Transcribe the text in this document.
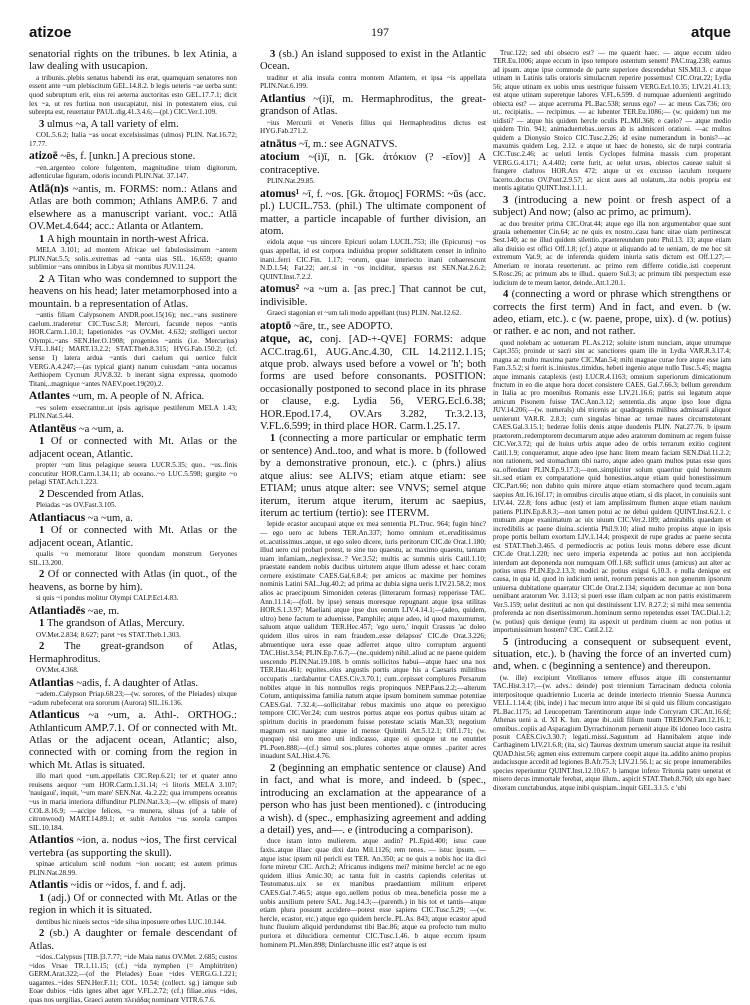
atizoe	197	atque

senatorial rights on the tribunes. b lex Atinia, a law dealing with usucapion.

a tribunis..plebis senatus habendi ius erat, quamquam senatores non essent ante ~um plebiscitum GEL.14.8.2. b legis ueteris ~ae uerba sunt: quod subruptum erit, eius rei aeterna auctoritas esto GEL.17.7.1; dicit lex ~a, ut res furtiua non usucapiatur, nisi in potestatem eius, cui subrepta est, reuertatur PAUL.dig.41.3.4.6;—(pl.) CIC.Ver.1.109.

3 ulmus ~a, A tall variety of elm.

COL.5.6.2; Italia ~as uocat excelsissimas (ulmos) PLIN. Nat.16.72; 17.77.

atizoē ~ēs, f. [unkn.] A precious stone.

~en..argenteo colore fulgentem, magnitudine trium digitorum, adlenticulae figuram, odoris iocundi PLIN.Nat. 37.147.

Atlā(n)s ~antis, m. FORMS: nom.: Atlans and Atlas are both common; Athlans AMP.6. 7 and elsewhere as a manuscript variant. voc.: Atlā OV.Met.4.644; acc.: Atlanta or Atlantem.

1 A high mountain in north-west Africa.

MELA 3.101; ad montem Africae uel fabulosissimum ~antem PLIN.Nat.5.5; solis..extremas ad ~anta uias SIL. 16.659; quanto sublimior ~ans omnibus in Libya sit montibus JUV.11.24.

2 A Titan who was condemned to support the heavens on his head; later metamorphosed into a mountain. b a representation of Atlas.

~antis filiam Calypsonem ANDR.poet.15(16); nec..~ans sustinere caelum..traderetur CIC.Tusc.5.8; Mercuri, facunde nepos ~antis HOR.Carm.1.10.1; Iapetionides ~as OV.Met. 4.632; stelligeri uector Olympi..~ans SEN.Her.O.1908; progenies ~antis (i.e. Mercurius) V.FL.1.841; MART.13.2.2; STAT.Theb.8.315; HYG.Fab.150.2; (cf. sense 1) latera ardua ~antis duri caelum qui uertice fulcit VERG.A.4.247;—(as typical giant) nanum cuiusdam ~anta uocamus Aethiopem Cycnum JUV.8.32. b inerant signa expressa, quomodo Titani,..magnique ~antes NAEV.poet.19(20).2.

Atlantes ~um, m. A people of N. Africa.

~es solem exsecrantur..ut ipsis agrisque pestiferum MELA 1.43; PLIN.Nat.5.44.

Atlantēus ~a ~um, a.

1 Of or connected with Mt. Atlas or the adjacent ocean, Atlantic.

propter ~um litus pelagique seuera LUCR.5.35; quo.. ~us..finis concutitur HOR.Carm.1.34.11; ab oceano..~o LUC.5.598; gurgite ~o pelagi STAT.Ach.1.223.

2 Descended from Atlas.

Pleiadas ~as OV.Fast.3.105.

Atlantiacus ~a ~um, a.

1 Of or connected with Mt. Atlas or the adjacent ocean, Atlantic.

qualis ~o memoratur litore quondam monstrum Geryones SIL.13.200.

2 Of or connected with Atlas (in quot., of the heavens, as borne by him).

si quis ~i pondus molitur Olympi CALP.Ecl.4.83.

Atlantiadēs ~ae, m.

1 The grandson of Atlas, Mercury.

OV.Met.2.834; 8.627; paret ~es STAT.Theb.1.303.

2 The great-grandson of Atlas, Hermaphroditus.

OV.Met.4.368.

Atlantias ~adis, f. A daughter of Atlas.

~adem..Calypson Priap.68.23;—(w. sorores, of the Pleiades) uixque ~adum rubefecerat ora sororum (Aurora) SIL.16.136.

Atlanticus ~a ~um, a. Athl-. ORTHOG.: Athlanticum AMP.7.1. Of or connected with Mt. Atlas or the adjacent ocean, Atlantic; also, connected with or coming from the region in which Mt. Atlas is situated.

illo mari quod ~um..appellatis CIC.Rep.6.21; ter et quater anno reuisens aequor ~um HOR.Carm.1.31.14; ~i litoris MELA 3.107; 'nauigaui', inquit, '~um mare' SEN.Nat. 4a.2.22; qua irrumpens oceanus ~us in maria interiora diffunditur PLIN.Nat.3.3;—(w. ellipsis of mare) COL.8.16.9; —accipe felices, ~a munera, siluas (of a table of citronwood) MART.14.89.1; et subit Aetolos ~us sorola campos SIL.10.184.

Atlantios ~ion, a. nodus ~ios, The first cervical vertebra (as supporting the skull).

spinae articulum scitē nodum ~ion uocant; est autem primus PLIN.Nat.28.99.

Atlantis ~idis or ~idos, f. and f. adj.

1 (adj.) Of or connected with Mt. Atlas or the region in which it is situated.

dentibus hic niueis sectos ~ide silua inposuere orbes LUC.10.144.

2 (sb.) A daughter or female descendant of Atlas.

~idos..Calypsus [TIB.]3.7.77; ~ide Maia natus OV.Met. 2.685; custos ~idos Vrsae TR.1.11.15; (cf.) ~ida nymphen (= Amphitriten) GERM.Arat.322;—(of the Pleiades) Eoae ~ides VERG.G.1.221; uagantes..~ides SEN.Her.F.11; COL. 10.54; (collect. sg.) iamque sub Eoae dubios ~idis ignes albet ager V.FL.2.72; (cf.) filiae..eius ~ides, quas nos uergilias, Graeci autem πλειάδας nominant VITR.6.7.6.

3 (sb.) An island supposed to exist in the Atlantic Ocean.

traditur et alia insula contra montem Atlantem, et ipsa ~is appellata PLIN.Nat.6.199.

Atlantius ~(i)ī, m. Hermaphroditus, the great-grandson of Atlas.

~ius Mercurii et Veneris filius qui Hermaphroditus dictus est HYG.Fab.271.2.

atnātus ~ī, m.: see AGNATVS.

atocium ~(i)ī, n. [Gk. ἀτόκιον (? -εῖον)] A contraceptive.

PLIN.Nat.29.85.

atomus¹ ~ī, f. ~os. [Gk. ἄτομος] FORMS: ~ūs (acc. pl.) LUCIL.753. (phil.) The ultimate component of matter, a particle incapable of further division, an atom.

eidola atque ~us uincere Epicuri uolam LUCIL.753; ille (Epicurus) ~os quas appellat, id est corpora indiuidua propter soliditatem censet in infinito inani..ferri CIC.Fin. 1.17; ~orum, quae interiecto inani cohaerescunt N.D.1.54; Fat.22; aer..si in ~os inciditur, sparsus est SEN.Nat.2.6.2; QUINT.Inst.7.2.2.

atomus² ~a ~um a. [as prec.] That cannot be cut, indivisible.

Graeci stagonian et ~um tali modo appellant (tus) PLIN. Nat.12.62.

atoptō ~āre, tr., see ADOPTO.

atque, ac, conj. [AD-+-QVE] FORMS: adque ACC.trag.61, AUG.Anc.4.30, CIL 14.2112.1.15; atque prob. always used before a vowel or 'h'; both forms are used before consonants. POSITION: occasionally postponed to second place in its phrase or clause, e.g. Lydia 56, VERG.Ecl.6.38; HOR.Epod.17.4, OV.Ars 3.282, Tr.3.2.13, V.FL.6.599; in third place HOR. Carm.1.25.17.

1 (connecting a more particular or emphatic term or sentence) And..too, and what is more. b (followed by a demonstrative pronoun, etc.). c (phrs.) alius atque alius: see ALIVS; etiam atque etiam: see ETIAM; unus atque alter: see VNVS; semel atque iterum, iterum atque iterum, iterum ac saepius, iterum ac tertium (tertio): see ITERVM.

lepide ecastor aucupaui atque ex mea sententia PL.Truc. 964; fugin hinc? — ego uero ac lubens TER.An.337; homo omnium et..eruditissimus et..acutissimus..atque, ut ego soleo dicere, iuris peritorum CIC.de Orat.1.180; illud uero cui probari potest, te sine tuo quaestu, ac maximo quaestu, tantam tuam infamiam,..neglexisse..? Ver.3.52; multis ac summis uiris Catil.1.10; praestate eandem nobis ducibus uirtutem atque illum adesse et haec coram cernere existimate CAES.Gal.6.8.4; per amicos ac maxime per homines nominis Latini SAL.Jug.40.2; ad prima ac dubia signa ueris LIV.21.58.2; mox alios ac praecipuum Simoniden ceteras (litterarum formas) repperisse TAC. Ann.11.14;—(foll. by ipse) sensus moresque repugnant atque ipsa utilitas HOR.S.1.3.97; Maeliani atque ipse dux eorum LIV.4.14.1;—(adeo, quidem, ultro) bene factum te aduenisse, Pamphile; atque adeo, id quod maxumumst, saluom atque ualidum TER.Hec.457; 'ego uero,' inquit Crassus 'ac doleo quidem illos uiros in eam fraudem..esse delapsos' CIC.de Orat.3.226; abnuentique uera esse quae adferret atque ultro corruptum arguenti TAC.Hist.3.54; PLIN.Ep.7.6.7;—(ne..quidem) nihil..aliud ac ne paene quidem uescendo PLIN.Nat.19.108. b omnis sollicitos habui—atque haec una nox TER.Hau.461; equites..eius angustis portis atque his a Caesaris militibus occupatis ..tardabantur CAES.Civ.3.70.1; cum..cepisset complures Persarum nobiles atque in his nonnullos regis propinquos NEP.Paus.2.2;—alterum Cotum, antiquissima familia natum atque ipsum hominem summae potentiae CAES.Gal. 7.32.4;—sollicitabar rebus maximis uno atque eo perexiguo tempore CIC.Ver.24; cum uestros portus atque eos portus quibus uitam ac spiritum ducitis in praedonum fuisse potestate sciatis Man.33; negotium magnum est nauigare atque id mense Quintili Att.5.12.1; Off.1.71; (w. quoque) nisi ero meo uni indicasso, atque ei quoque ut ne enuntiet PL.Poen.888;—(cf.) simul sos..plures cohortes atque omnes ..pariter acres inuadunt SAL.Hist.4.76.

2 (beginning an emphatic sentence or clause) And in fact, and what is more, and indeed. b (spec., introducing an exclamation at the appearance of a person who has just been mentioned). c (introducing a wish). d (spec., emphasizing agreement and adding a detail) yes, and—. e (introducing a comparison).

duce istam intro mulierem. atque audin? PL.Epid.400; istuc caue faxis..atque illaec quae dixi dato Mil.1126; rem tenes. — istuc ipsum. — atque istuc ipsum nil pericli est TER. An.350; ac ne quis a nobis hoc ita dici forte miretur CIC. Arch.2; Africanus indigens mei? minime hercle! ac ne ego quidem illius Amic.30; ac tanta fuit in castris capiendis celeritas ut Teutomatus..uix se ex manibus praedantium militum eriperet CAES.Gal.7.46.5; atque ego..uellem potius ob mea..beneficia posse me a uobis auxilium petere SAL. Jug.14.3;—(parenth.) in his tot et tantis—atque etiam plura possunt accidere—potest esse sapiens CIC.Tusc.5.29; —(w. hercle, ecastor, etc.) atque ego quidem hercle..PL.As. 843; atque ecastor apud hunc fluuium aliquid perdundumst tibi Bac.86; atque ea profecto tum multo puriora et dilucidiora cernentur CIC.Tusc.1.46. b atque eccum ipsum hominem PL.Men.898; Dinlarchusne illic est? atque is est

Truc.122; sed ubi obsecro est? — me quaerit haec. — atque eccum uideo TER.Eu.1006; atque eccum in ipso tempore ostentum senem! PAC.trag.238; eamus ad ipsum. atque ipse commode de parte superiore descendebat SIS.Mil.3. c atque utinam in Latinis talis oratoris simulacrum reperire possemus! CIC.Orat.22; Lydia 56; atque utinam ex uobis unus uestrique fuissem VERG.Ecl.10.35; LIV.21.41.13; est atque utinam superetque labores V.FL.6.599. d numquae aduenienti aegritudo obiecta est? — atque acerruma PL.Bac.538; seruus ego? — ac meus Cas.736; oro ut.. recipiatis.. — recipimus. — ac lubenter TER.Eu.1086;— (w. quidem) tun me uidisti? — atque his quidem hercle oculis PL.Mil.368; e caelo? — atque medio quidem Trin. 941; animaduertebas..uersus ab is admisceri orationi. —ac multos quidem a Dionysio Stoico CIC.Tusc.2.26; id esine numerandum in bonis?—ac maxumis quidem Leg. 2.12. e atque ut haec de honesto, sic de turpi contraria CIC.Tusc.2.46; ac ueluti lentis Cyclopes fulmina massis cum properant VERG.G.4.171; A.4.402; certe furit, ac uelut ursus, obiectos caueae ualuit si frangere clathros HOR.Ars 472; atque ut ex excusso iaculum torquere lacerto..doctus OV.Pont.2.9.57; ac sicut aues ad uolatum,..ita nobis propria est mentis agitatio QUINT.Inst.1.1.1.

3 (introducing a new point or fresh aspect of a subject) And now; (also ac primo, ac primum).

ac duo breuiter prima CIC.Orat.44; atque ego illa non argumentabor quae sunt grauia uehementer Cin.64; ac ne quis ex nostro..casu hanc uitae uiam pertinescat Sest.140; ac ne illud quidem silentio..praetereundum puto Phil.13. 13; atque etiam alia diuisio est offici Off.1.8; (cf.) atque ut aliquando ad te ueniam, de me hoc sit extremum Vat.9; ac de inferenda quidem iniuria satis dictum est Off.1.27;— Ameriam re inorata reuerterunt. ac primo rem differre cotidie..isti coeperunt S.Rosc.26; ac primum abs te illud.. quaero Sul.3; ac primum tibi perspectum esse iudicium de te meum laetor, deinde..Att.1.20.1.

4 (connecting a word or phrase which strengthens or corrects the first term) And in fact, and even. b (w. adeo, etiam, etc.). c (w. paene, prope, uix). d (w. potius) or rather. e ac non, and not rather.

quod nolebam ac uotueram PL.As.212; soluite istum nunciam, atque utrumque Capt.355; proinde ut sacri sint ac sanctiores quam ille in Lydia VAR.R.3.17.4; magna ac multo maxima parte CIC.Man.54; mihi magnae curae fore atque esse iam Fam.3.5.2; si fuerit is..iniustus..timidus, hebeti ingenio atque nullo Tusc.5.45; magna atque immanis cataplexis (est) LUCR.4.1163; omnium superiorum dimicationum fructum in eo die atque hora docet consistere CAES. Gal.7.66.3; bellum gerendum in Italia ac pro moenibus Romanis esse LIV.21.16.6; patris sui legatum atque amicum Pisonem fuisse TAC.Ann.3.12; sententia..dis atque ipso Ioue digna JUV.14.206;—(w. numerals) ubi tricenis ac quadragenis milibus admissarii aliquot uenierunt VAR.R. 2.8.3; cum singulas binae ac ternae naues circumsteterant CAES.Gal.3.15.1; hederae foliis denis atque duodenis PLIN. Nat.27.76. b ipsum praetorem..redemptorem decumarum atque adeo aratorum dominum ac regem fuisse CIC.Ver.3.72; qui de huius urbis atque adeo de orbis terrarum exitio cogitent Catil.1.9; conqueramur, atque adeo ipse hanc litem meam faciam SEN.Dial.11.2.2; non rationem, sed stomachum tibi narro, atque adeo quam multos putas esse quos ea..offendant PLIN.Ep.9.17.3;—non..simpliciter solum quaeritur quid honestum sit..sed etiam ex comparatione quid honestius..atque etiam quid honestissimum CIC.Part.66; non dubito quin mirere atque etiam stomachere quod tecum..agam saepius Att.16.16f.17; in omnibus circulis atque etiam, si dis placet, in conuiuiis sunt LIV.44. 22.8; fons adhuc (est) et iam amplissimum flumen atque etiam nauium patiens PLIN.Ep.8.8.3;—non tamen potui ac ne debui quidem QUINT.Inst.6.2.1. c mutuam atque exanimatum ac uix uiuum CIC.Ver.2.189; admirabilis quaedam et incredibilis ac paene diuina..scientia Phil.9.10; aliud multo propius atque in ipsis prope portis bellum exortum LIV.1.14.4; prospexit de rupe gradus ac paene secuta est STAT.Theb.3.465. d permediocris ac potius leuis motus debere esse dicunt CIC.de Orat.1.220; nec uero imperia expetenda ac potius aut non accipienda interdum aut deponenda non numquam Off.1.68; sufficit unus (amicus) aut alter ac potius unus PLIN.Ep.2.13.3; modici ac potius exigui 6,10.3. e nulla denique est causa, in qua id, quod in iudicium uenit, reorum personis ac non generum ipsorum uniuersa dubitatione quaeratur CIC.de Orat.2.134; siquidem decumae ac non bona ueniibant aratorum Ver. 3.113; si pueri esse illam culpam ac non patris existimarem Ver.5.159; uelut destituti ac non qui destituissent LIV. 8.27.2; si mihi mea sententia proferenda ac non disertissimorum..hominum sermo repetendus esset TAC.Dial.1.2; (w. potius) quis denique (eum) ita aspexit ut perditum ciuem ac non potius ut importunissimum hostem? CIC. Catil.2.12.

5 (introducing a consequent or subsequent event, situation, etc.). b (having the force of an inverted cum) and, when. c (beginning a sentence) and thereupon.

(w. ille) excipiunt Vitellianos temere effusos atque illi consternantur TAC.Hist.3.17;—(w. advs.: deinde) post triennium Tarracinam deducta colonia interpositoque quadriennio Luceria ac deinde interiecto triennio Suessa Aurunca VELL.1.14.4; (ibi, inde) i hac mecum intro atque ibi si quid uis filium concastigato PL.Bac.1175; ad Leucopetram Tarentinorum atque inde Corcyram CIC.Att.16.6f; Athenas ueni a. d. XI K. Iun. atque ibi..uidi filium tuum TREBON.Fam.12.16.1; omnibus..copiis ad Asparagium Dyrrachinorum peruenit atque ibi idoneo loco castra posuit CAES.Civ.3.30.7; legati..missi..Saguntum ad Hannibalem atque inde Carthaginem LIV.21.6.8; (ita, sic) Taureas dextrum umerum sauciat atque ita resiluit QUAD.hist.56; agmen eius extremum carpere coepit atque ita..addito animo propius audaciusque accedit ad legiones B.Afr.75.3; LIV.21.56.1; ac sic prope innumerabiles species reperiuntur QUINT.Inst.12.10.67. b iamque infexo Tritonia patre uenerat et misero decus immortale ferebat, atque illum.. aspicit STAT.Theb.8.760; uix ego haec dixeram cunctabundus, atque inibi quispiam..inquit GEL.3.1.5. c 'ubi
